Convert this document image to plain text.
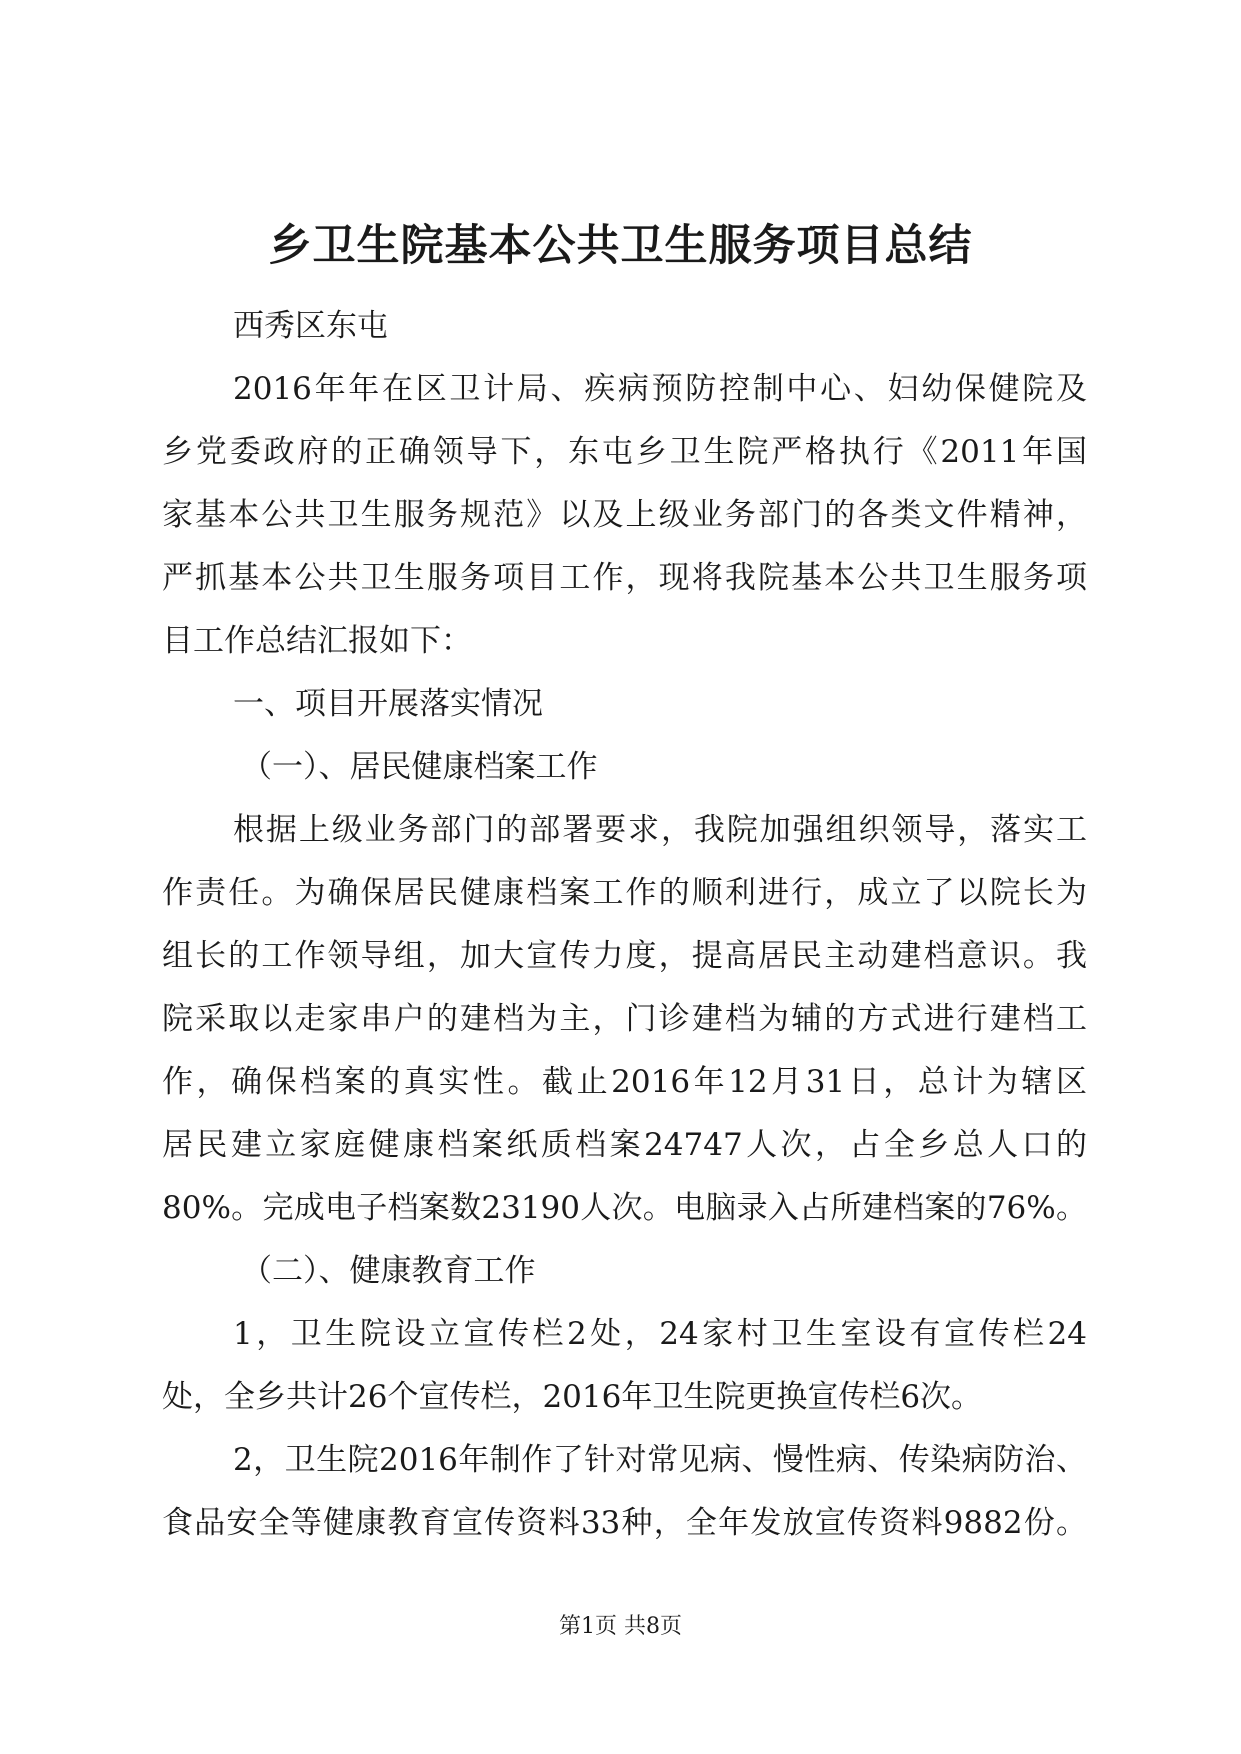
乡卫生院基本公共卫生服务项目总结
西秀区东屯
2016年年在区卫计局、疾病预防控制中心、妇幼保健院及
乡党委政府的正确领导下，东屯乡卫生院严格执行《2011年国
家基本公共卫生服务规范》以及上级业务部门的各类文件精神，
严抓基本公共卫生服务项目工作，现将我院基本公共卫生服务项
目工作总结汇报如下：
一、项目开展落实情况
（一）、居民健康档案工作
根据上级业务部门的部署要求，我院加强组织领导，落实工
作责任。为确保居民健康档案工作的顺利进行，成立了以院长为
组长的工作领导组，加大宣传力度，提高居民主动建档意识。我
院采取以走家串户的建档为主，门诊建档为辅的方式进行建档工
作，确保档案的真实性。截止2016年12月31日，总计为辖区
居民建立家庭健康档案纸质档案24747人次，占全乡总人口的
80%。完成电子档案数23190人次。电脑录入占所建档案的76%。
（二）、健康教育工作
1，卫生院设立宣传栏2处，24家村卫生室设有宣传栏24
处，全乡共计26个宣传栏，2016年卫生院更换宣传栏6次。
2，卫生院2016年制作了针对常见病、慢性病、传染病防治、
食品安全等健康教育宣传资料33种，全年发放宣传资料9882份。
第1页 共8页
